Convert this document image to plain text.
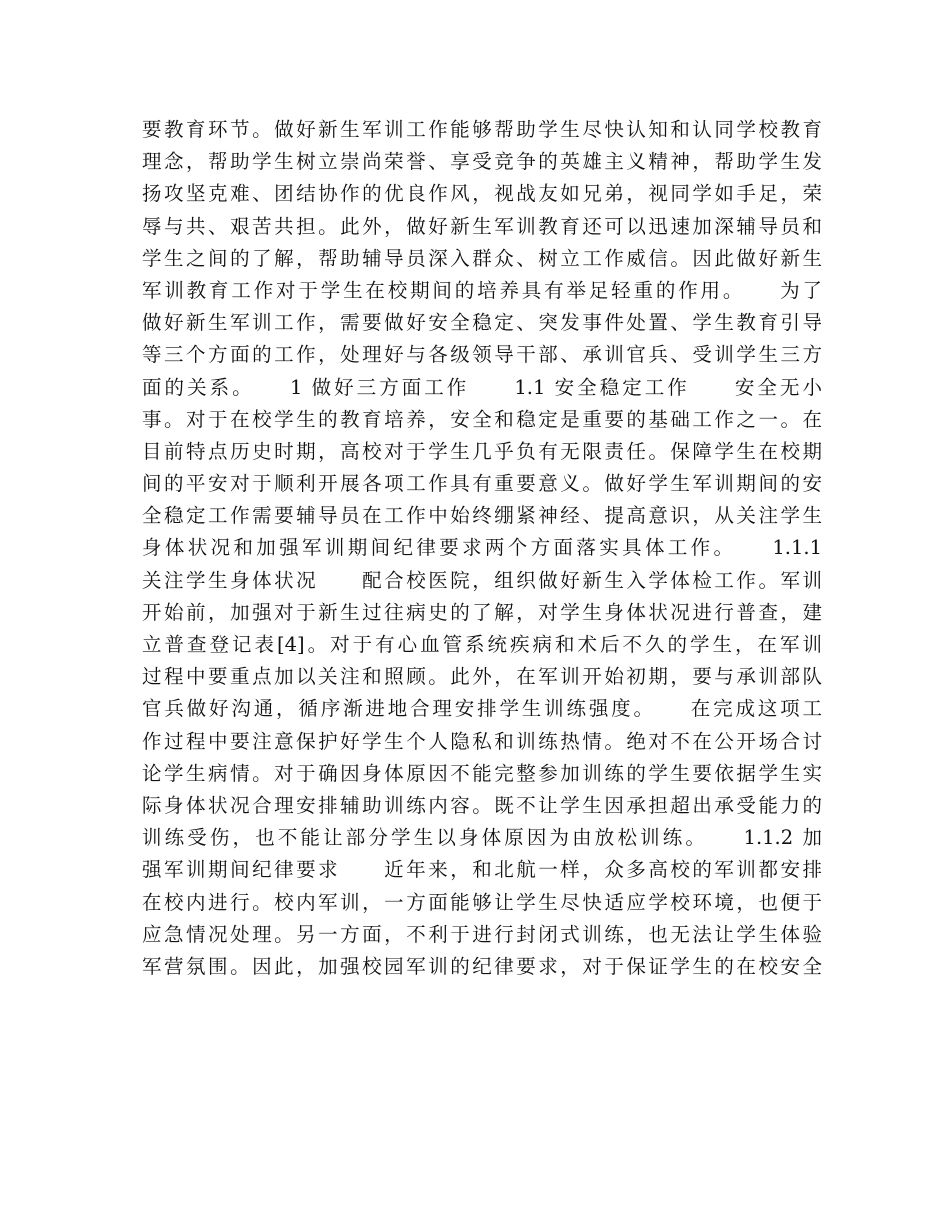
要教育环节。做好新生军训工作能够帮助学生尽快认知和认同学校教育
理念，帮助学生树立崇尚荣誉、享受竞争的英雄主义精神，帮助学生发
扬攻坚克难、团结协作的优良作风，视战友如兄弟，视同学如手足，荣
辱与共、艰苦共担。此外，做好新生军训教育还可以迅速加深辅导员和
学生之间的了解，帮助辅导员深入群众、树立工作威信。因此做好新生
军训教育工作对于学生在校期间的培养具有举足轻重的作用。　　为了
做好新生军训工作，需要做好安全稳定、突发事件处置、学生教育引导
等三个方面的工作，处理好与各级领导干部、承训官兵、受训学生三方
面的关系。　　1 做好三方面工作　　1.1 安全稳定工作　　安全无小
事。对于在校学生的教育培养，安全和稳定是重要的基础工作之一。在
目前特点历史时期，高校对于学生几乎负有无限责任。保障学生在校期
间的平安对于顺利开展各项工作具有重要意义。做好学生军训期间的安
全稳定工作需要辅导员在工作中始终绷紧神经、提高意识，从关注学生
身体状况和加强军训期间纪律要求两个方面落实具体工作。　　1.1.1
关注学生身体状况　　配合校医院，组织做好新生入学体检工作。军训
开始前，加强对于新生过往病史的了解，对学生身体状况进行普查，建
立普查登记表[4]。对于有心血管系统疾病和术后不久的学生，在军训
过程中要重点加以关注和照顾。此外，在军训开始初期，要与承训部队
官兵做好沟通，循序渐进地合理安排学生训练强度。　　在完成这项工
作过程中要注意保护好学生个人隐私和训练热情。绝对不在公开场合讨
论学生病情。对于确因身体原因不能完整参加训练的学生要依据学生实
际身体状况合理安排辅助训练内容。既不让学生因承担超出承受能力的
训练受伤，也不能让部分学生以身体原因为由放松训练。　　1.1.2 加
强军训期间纪律要求　　近年来，和北航一样，众多高校的军训都安排
在校内进行。校内军训，一方面能够让学生尽快适应学校环境，也便于
应急情况处理。另一方面，不利于进行封闭式训练，也无法让学生体验
军营氛围。因此，加强校园军训的纪律要求，对于保证学生的在校安全
